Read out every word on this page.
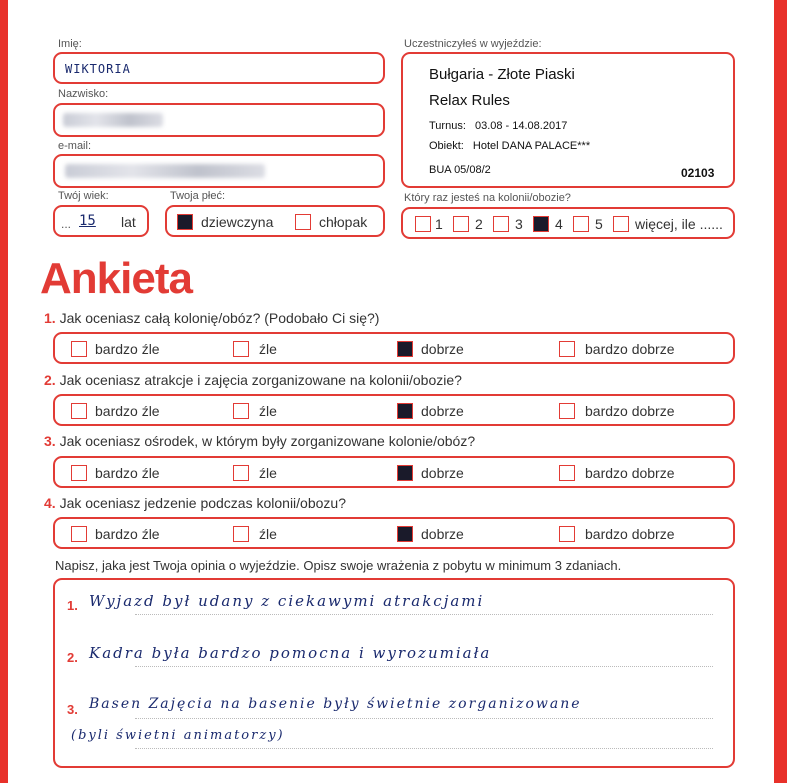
Imię:
WIKTORIA
Nazwisko:
e-mail:
Twój wiek:
... 15 lat
Twoja płeć:
dziewczyna	chłopak
Uczestniczyłeś w wyjeździe:
Bułgaria - Złote Piaski
Relax Rules
Turnus: 03.08 - 14.08.2017
Obiekt: Hotel DANA PALACE***
BUA 05/08/2	02103
Który raz jesteś na kolonii/obozie?
1 2 3 4 5 więcej, ile ......
Ankieta
1. Jak oceniasz całą kolonię/obóz? (Podobało Ci się?)
bardzo źle	źle	dobrze	bardzo dobrze
2. Jak oceniasz atrakcje i zajęcia zorganizowane na kolonii/obozie?
bardzo źle	źle	dobrze	bardzo dobrze
3. Jak oceniasz ośrodek, w którym były zorganizowane kolonie/obóz?
bardzo źle	źle	dobrze	bardzo dobrze
4. Jak oceniasz jedzenie podczas kolonii/obozu?
bardzo źle	źle	dobrze	bardzo dobrze
Napisz, jaka jest Twoja opinia o wyjeździe. Opisz swoje wrażenia z pobytu w minimum 3 zdaniach.
1. Wyjazd był udany z ciekawymi atrakcjami
2. Kadra była bardzo pomocna i wyrozumiała
3. Basen Zajęcia na basenie były świetnie zorganizowane
(byli świetni animatorzy)
